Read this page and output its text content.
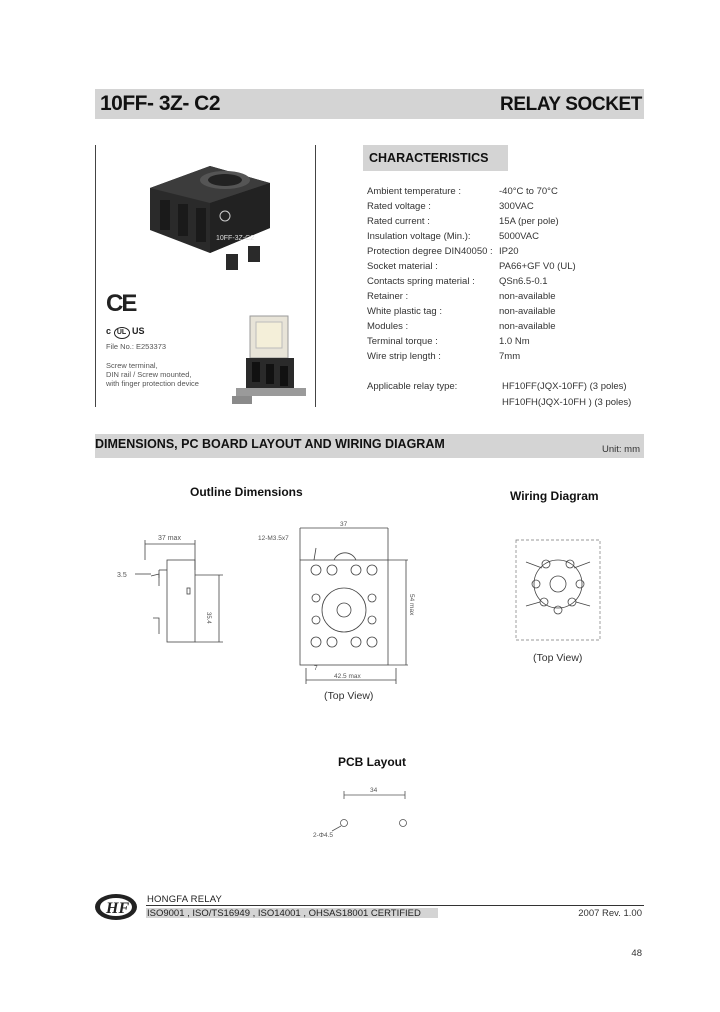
10FF- 3Z- C2	RELAY SOCKET
10FF-3Z-C2
CE
c UL US
File No.: E253373
Screw terminal,
DIN rail / Screw mounted,
with finger protection device
CHARACTERISTICS
Ambient temperature :	-40°C to 70°C
Rated voltage :	300VAC
Rated current :	15A (per pole)
Insulation voltage (Min.):	5000VAC
Protection degree DIN40050 : IP20
Socket material :	PA66+GF V0 (UL)
Contacts spring material :	QSn6.5-0.1
Retainer :	non-available
White plastic tag :	non-available
Modules :	non-available
Terminal torque :	1.0 Nm
Wire strip length :	7mm
Applicable relay type:	HF10FF(JQX-10FF) (3 poles)
HF10FH(JQX-10FH ) (3 poles)
DIMENSIONS, PC BOARD LAYOUT AND WIRING DIAGRAM	Unit: mm
Outline Dimensions	Wiring Diagram
37 max
3.5
35.4
12-M3.5x7
37
54 max
7
42.5 max
(Top View)
(Top View)
PCB Layout
34
2-Φ4.5
HF
HONGFA RELAY
ISO9001 , ISO/TS16949 , ISO14001 , OHSAS18001 CERTIFIED	2007 Rev. 1.00
48
